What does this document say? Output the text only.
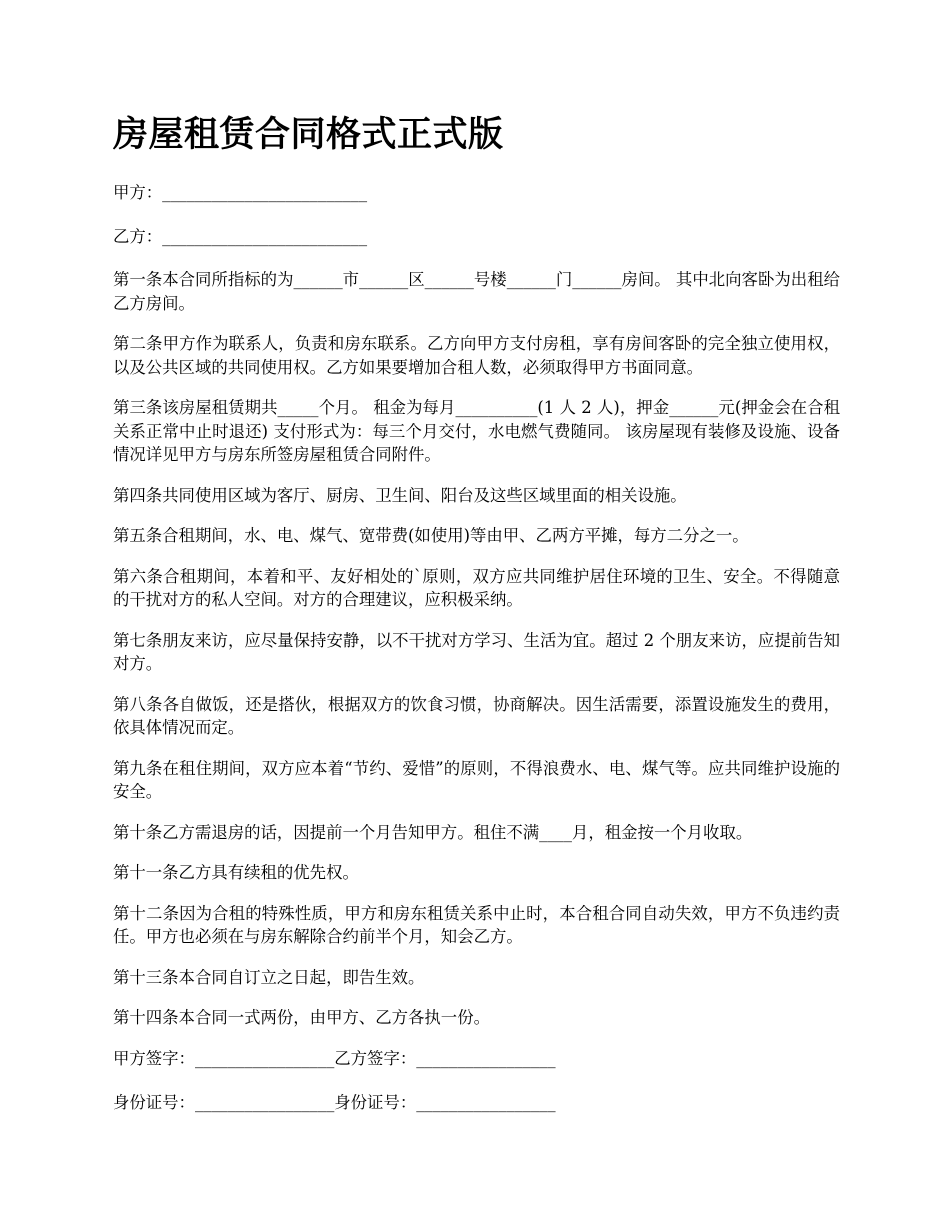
房屋租赁合同格式正式版

甲方：_________________________

乙方：_________________________

第一条本合同所指标的为______市______区______号楼______门______房间。 其中北向客卧为出租给乙方房间。

第二条甲方作为联系人，负责和房东联系。乙方向甲方支付房租，享有房间客卧的完全独立使用权，以及公共区域的共同使用权。乙方如果要增加合租人数，必须取得甲方书面同意。

第三条该房屋租赁期共_____个月。 租金为每月__________(1 人 2 人)，押金______元(押金会在合租关系正常中止时退还) 支付形式为：每三个月交付，水电燃气费随同。 该房屋现有装修及设施、设备情况详见甲方与房东所签房屋租赁合同附件。

第四条共同使用区域为客厅、厨房、卫生间、阳台及这些区域里面的相关设施。

第五条合租期间，水、电、煤气、宽带费(如使用)等由甲、乙两方平摊，每方二分之一。

第六条合租期间，本着和平、友好相处的`原则，双方应共同维护居住环境的卫生、安全。不得随意的干扰对方的私人空间。对方的合理建议，应积极采纳。

第七条朋友来访，应尽量保持安静，以不干扰对方学习、生活为宜。超过 2 个朋友来访，应提前告知对方。

第八条各自做饭，还是搭伙，根据双方的饮食习惯，协商解决。因生活需要，添置设施发生的费用，依具体情况而定。

第九条在租住期间，双方应本着“节约、爱惜”的原则，不得浪费水、电、煤气等。应共同维护设施的安全。

第十条乙方需退房的话，因提前一个月告知甲方。租住不满____月，租金按一个月收取。

第十一条乙方具有续租的优先权。

第十二条因为合租的特殊性质，甲方和房东租赁关系中止时，本合租合同自动失效，甲方不负违约责任。甲方也必须在与房东解除合约前半个月，知会乙方。

第十三条本合同自订立之日起，即告生效。

第十四条本合同一式两份，由甲方、乙方各执一份。

甲方签字：_________________乙方签字：_________________

身份证号：_________________身份证号：_________________
